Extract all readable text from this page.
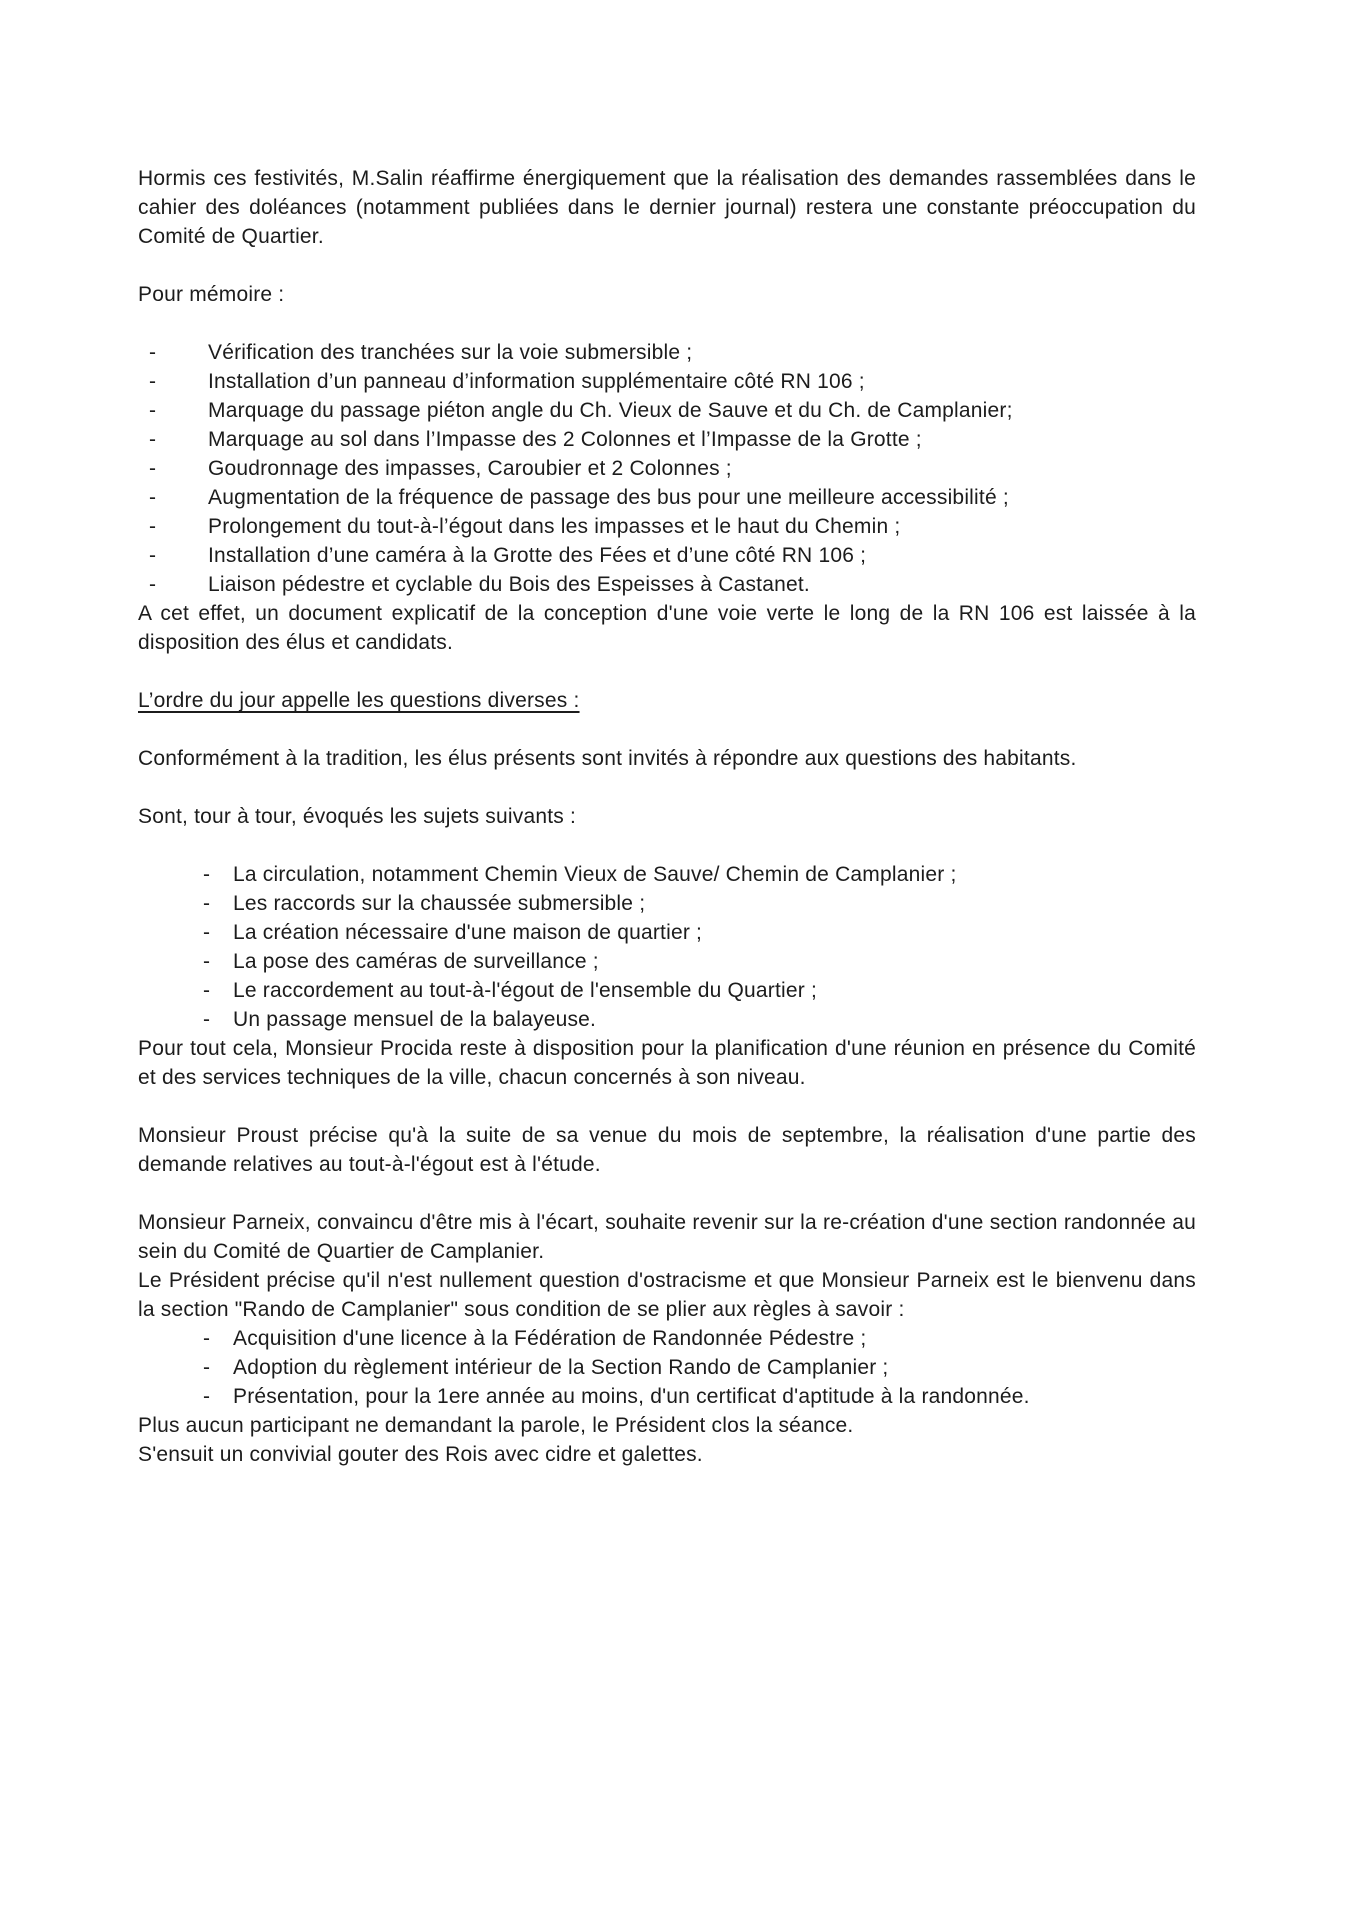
Hormis ces festivités, M.Salin réaffirme énergiquement que la réalisation des demandes rassemblées dans le cahier des doléances (notamment publiées dans le dernier journal) restera une constante préoccupation du Comité de Quartier.

Pour mémoire :

-	Vérification des tranchées sur la voie submersible ;
-	Installation d’un panneau d’information supplémentaire côté RN 106 ;
-	Marquage du passage piéton angle du Ch. Vieux de Sauve et du Ch. de Camplanier;
-	Marquage au sol dans l’Impasse des 2 Colonnes et l’Impasse de la Grotte ;
-	Goudronnage des impasses, Caroubier et 2 Colonnes ;
-	Augmentation de la fréquence de passage des bus pour une meilleure accessibilité ;
-	Prolongement du tout-à-l’égout dans les impasses et le haut du Chemin ;
-	Installation d’une caméra à la Grotte des Fées et d’une côté RN 106 ;
-	Liaison pédestre et cyclable du Bois des Espeisses à Castanet.

A cet effet, un document explicatif de la conception d'une voie verte le long de la RN 106 est laissée à la disposition des élus et candidats.

L’ordre du jour appelle les questions diverses :

Conformément à la tradition, les élus présents sont invités à répondre aux questions des habitants.

Sont, tour à tour, évoqués les sujets suivants :

-	La circulation, notamment Chemin Vieux de Sauve/ Chemin de Camplanier ;
-	Les raccords sur la chaussée submersible ;
-	La création nécessaire d'une maison de quartier ;
-	La pose des caméras de surveillance ;
-	Le raccordement au tout-à-l'égout de l'ensemble du Quartier ;
-	Un passage mensuel de la balayeuse.

Pour tout cela, Monsieur Procida reste à disposition pour la planification d'une réunion en présence du Comité et des services techniques de la ville, chacun concernés à son niveau.

Monsieur Proust précise qu'à la suite de sa venue du mois de septembre, la réalisation d'une partie des demande relatives au tout-à-l'égout est à l'étude.

Monsieur Parneix, convaincu d'être mis à l'écart, souhaite revenir sur la re-création d'une section randonnée au sein du Comité de Quartier de Camplanier.

Le Président précise qu'il n'est nullement question d'ostracisme et que Monsieur Parneix est le bienvenu dans la section "Rando de Camplanier" sous condition de se plier aux règles à savoir :

-	Acquisition d'une licence à la Fédération de Randonnée Pédestre ;
-	Adoption du règlement intérieur de la Section Rando de Camplanier ;
-	Présentation, pour la 1ere année au moins, d'un certificat d'aptitude à la randonnée.

Plus aucun participant ne demandant la parole, le Président clos la séance.

S'ensuit un convivial gouter des Rois avec cidre et galettes.
